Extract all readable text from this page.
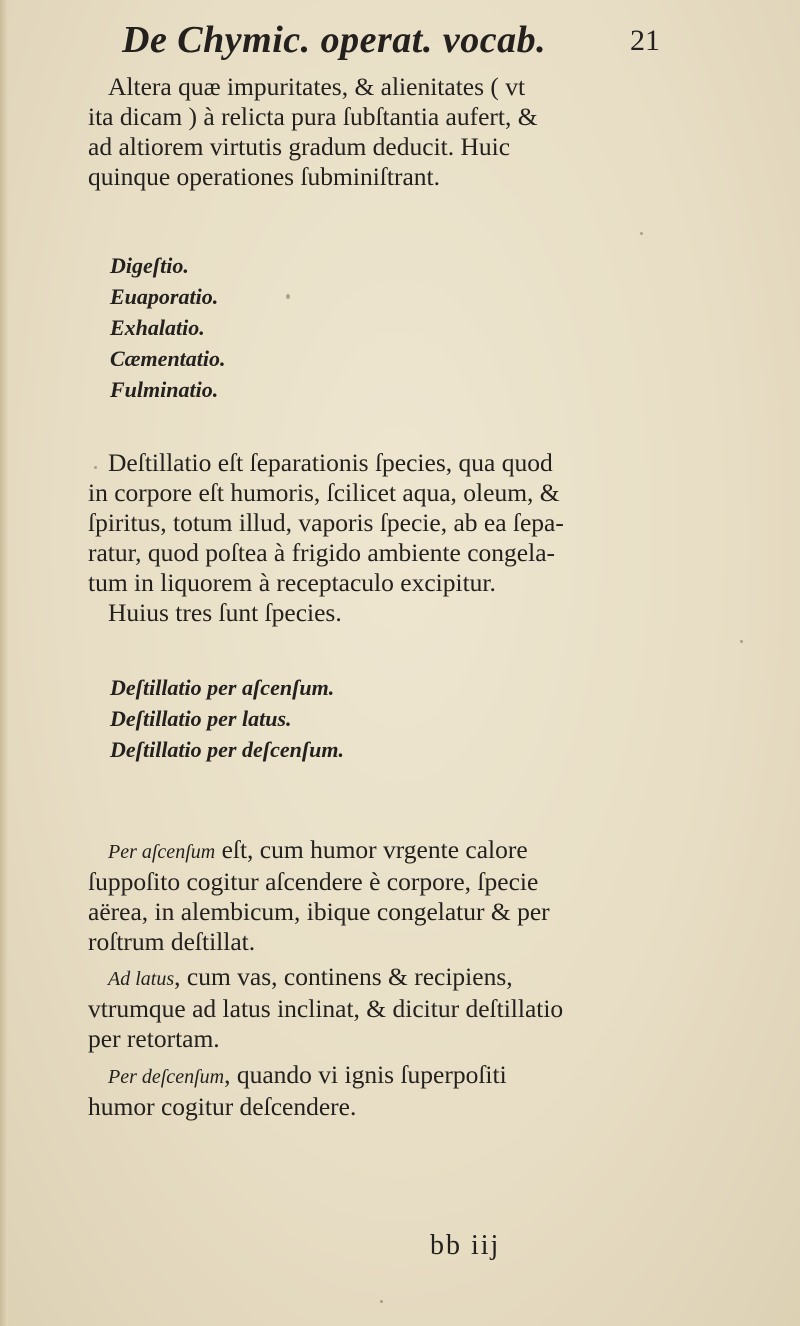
De Chymic. operat. vocab.	21

Altera quæ impuritates, & alienitates ( vt
ita dicam ) à relicta pura ſubſtantia aufert, &
ad altiorem virtutis gradum deducit. Huic
quinque operationes ſubminiſtrant.

Digeſtio.
Euaporatio.
Exhalatio.
Cæmentatio.
Fulminatio.

Deſtillatio eſt ſeparationis ſpecies, qua quod
in corpore eſt humoris, ſcilicet aqua, oleum, &
ſpiritus, totum illud, vaporis ſpecie, ab ea ſepa-
ratur, quod poſtea à frigido ambiente congela-
tum in liquorem à receptaculo excipitur.
Huius tres ſunt ſpecies.

Deſtillatio per aſcenſum.
Deſtillatio per latus.
Deſtillatio per deſcenſum.

Per aſcenſum eſt, cum humor vrgente calore
ſuppoſito cogitur aſcendere è corpore, ſpecie
aërea, in alembicum, ibique congelatur & per
roſtrum deſtillat.

Ad latus, cum vas, continens & recipiens,
vtrumque ad latus inclinat, & dicitur deſtillatio
per retortam.

Per deſcenſum, quando vi ignis ſuperpoſiti
humor cogitur deſcendere.

bb iij
